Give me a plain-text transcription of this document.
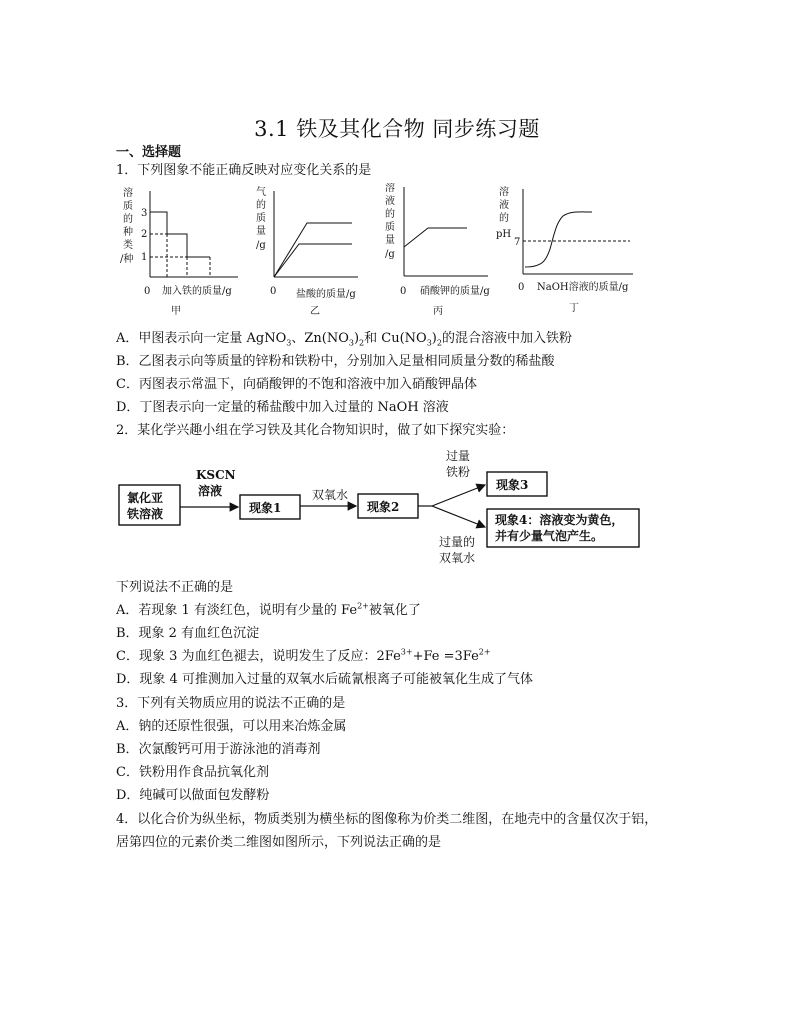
3.1 铁及其化合物 同步练习题
一、选择题
1．下列图象不能正确反映对应变化关系的是
溶
质
的
种
类
/种
3
2
1
0 加入铁的质量/g
甲
气
的
质
量
/g
0 盐酸的质量/g
乙
溶
液
的
质
量
/g
0 硝酸钾的质量/g
丙
溶
液
的
pH
7
0 NaOH溶液的质量/g
丁
A．甲图表示向一定量 AgNO$_3$、$Zn(NO_3)_2$和 $Cu(NO_3)_2$的混合溶液中加入铁粉
B．乙图表示向等质量的锌粉和铁粉中，分别加入足量相同质量分数的稀盐酸
C．丙图表示常温下，向硝酸钾的不饱和溶液中加入硝酸钾晶体
D．丁图表示向一定量的稀盐酸中加入过量的 NaOH 溶液
2．某化学兴趣小组在学习铁及其化合物知识时，做了如下探究实验：
氯化亚
铁溶液
KSCN
溶液
现象1
双氧水
现象2
过量
铁粉
现象3
过量的
双氧水
现象4：溶液变为黄色，
并有少量气泡产生。
下列说法不正确的是
A．若现象 1 有淡红色，说明有少量的 $Fe^{2+}$被氧化了
B．现象 2 有血红色沉淀
C．现象 3 为血红色褪去，说明发生了反应：$2Fe^{3+}+Fe =3Fe^{2+}$
D．现象 4 可推测加入过量的双氧水后硫氰根离子可能被氧化生成了气体
3．下列有关物质应用的说法不正确的是
A．钠的还原性很强，可以用来冶炼金属
B．次氯酸钙可用于游泳池的消毒剂
C．铁粉用作食品抗氧化剂
D．纯碱可以做面包发酵粉
4．以化合价为纵坐标，物质类别为横坐标的图像称为价类二维图，在地壳中的含量仅次于铝，
居第四位的元素价类二维图如图所示，下列说法正确的是
